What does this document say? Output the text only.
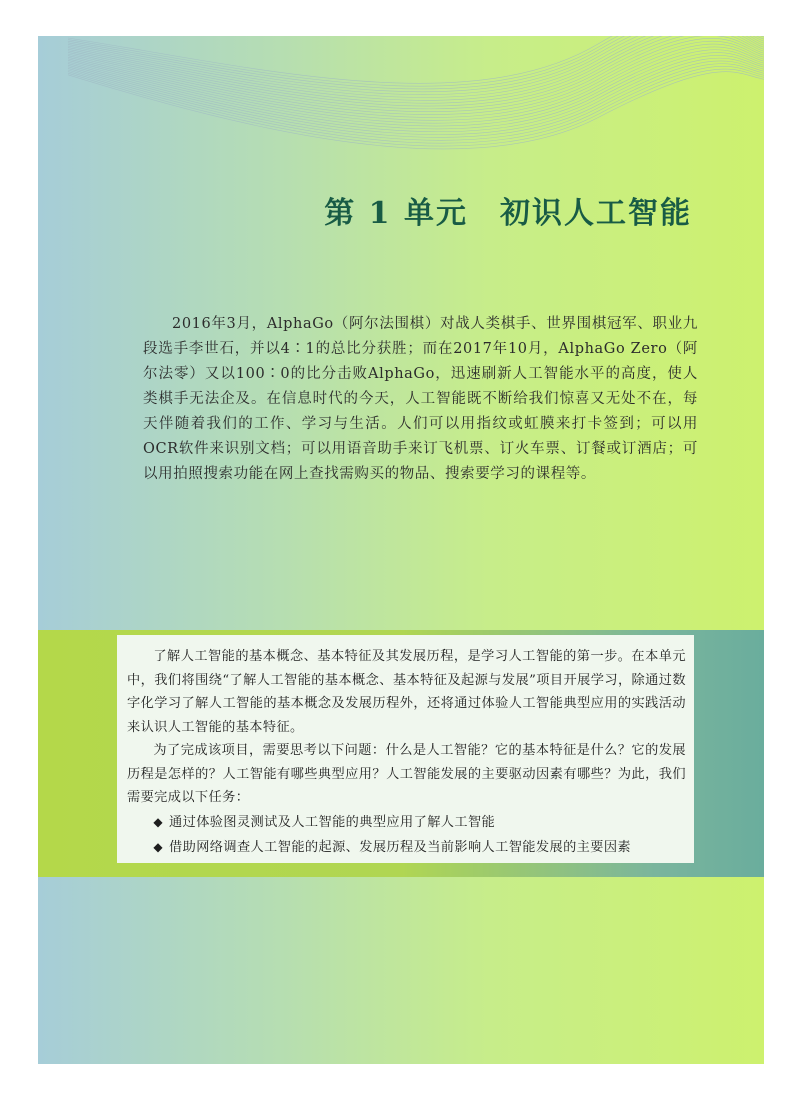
第 1 单元　初识人工智能

2016年3月，AlphaGo（阿尔法围棋）对战人类棋手、世界围棋冠军、职业九段选手李世石，并以4∶1的总比分获胜；而在2017年10月，AlphaGo Zero（阿尔法零）又以100∶0的比分击败AlphaGo，迅速刷新人工智能水平的高度，使人类棋手无法企及。在信息时代的今天，人工智能既不断给我们惊喜又无处不在，每天伴随着我们的工作、学习与生活。人们可以用指纹或虹膜来打卡签到；可以用OCR软件来识别文档；可以用语音助手来订飞机票、订火车票、订餐或订酒店；可以用拍照搜索功能在网上查找需购买的物品、搜索要学习的课程等。

了解人工智能的基本概念、基本特征及其发展历程，是学习人工智能的第一步。在本单元中，我们将围绕“了解人工智能的基本概念、基本特征及起源与发展”项目开展学习，除通过数字化学习了解人工智能的基本概念及发展历程外，还将通过体验人工智能典型应用的实践活动来认识人工智能的基本特征。

为了完成该项目，需要思考以下问题：什么是人工智能？它的基本特征是什么？它的发展历程是怎样的？人工智能有哪些典型应用？人工智能发展的主要驱动因素有哪些？为此，我们需要完成以下任务：

◆ 通过体验图灵测试及人工智能的典型应用了解人工智能
◆ 借助网络调查人工智能的起源、发展历程及当前影响人工智能发展的主要因素
